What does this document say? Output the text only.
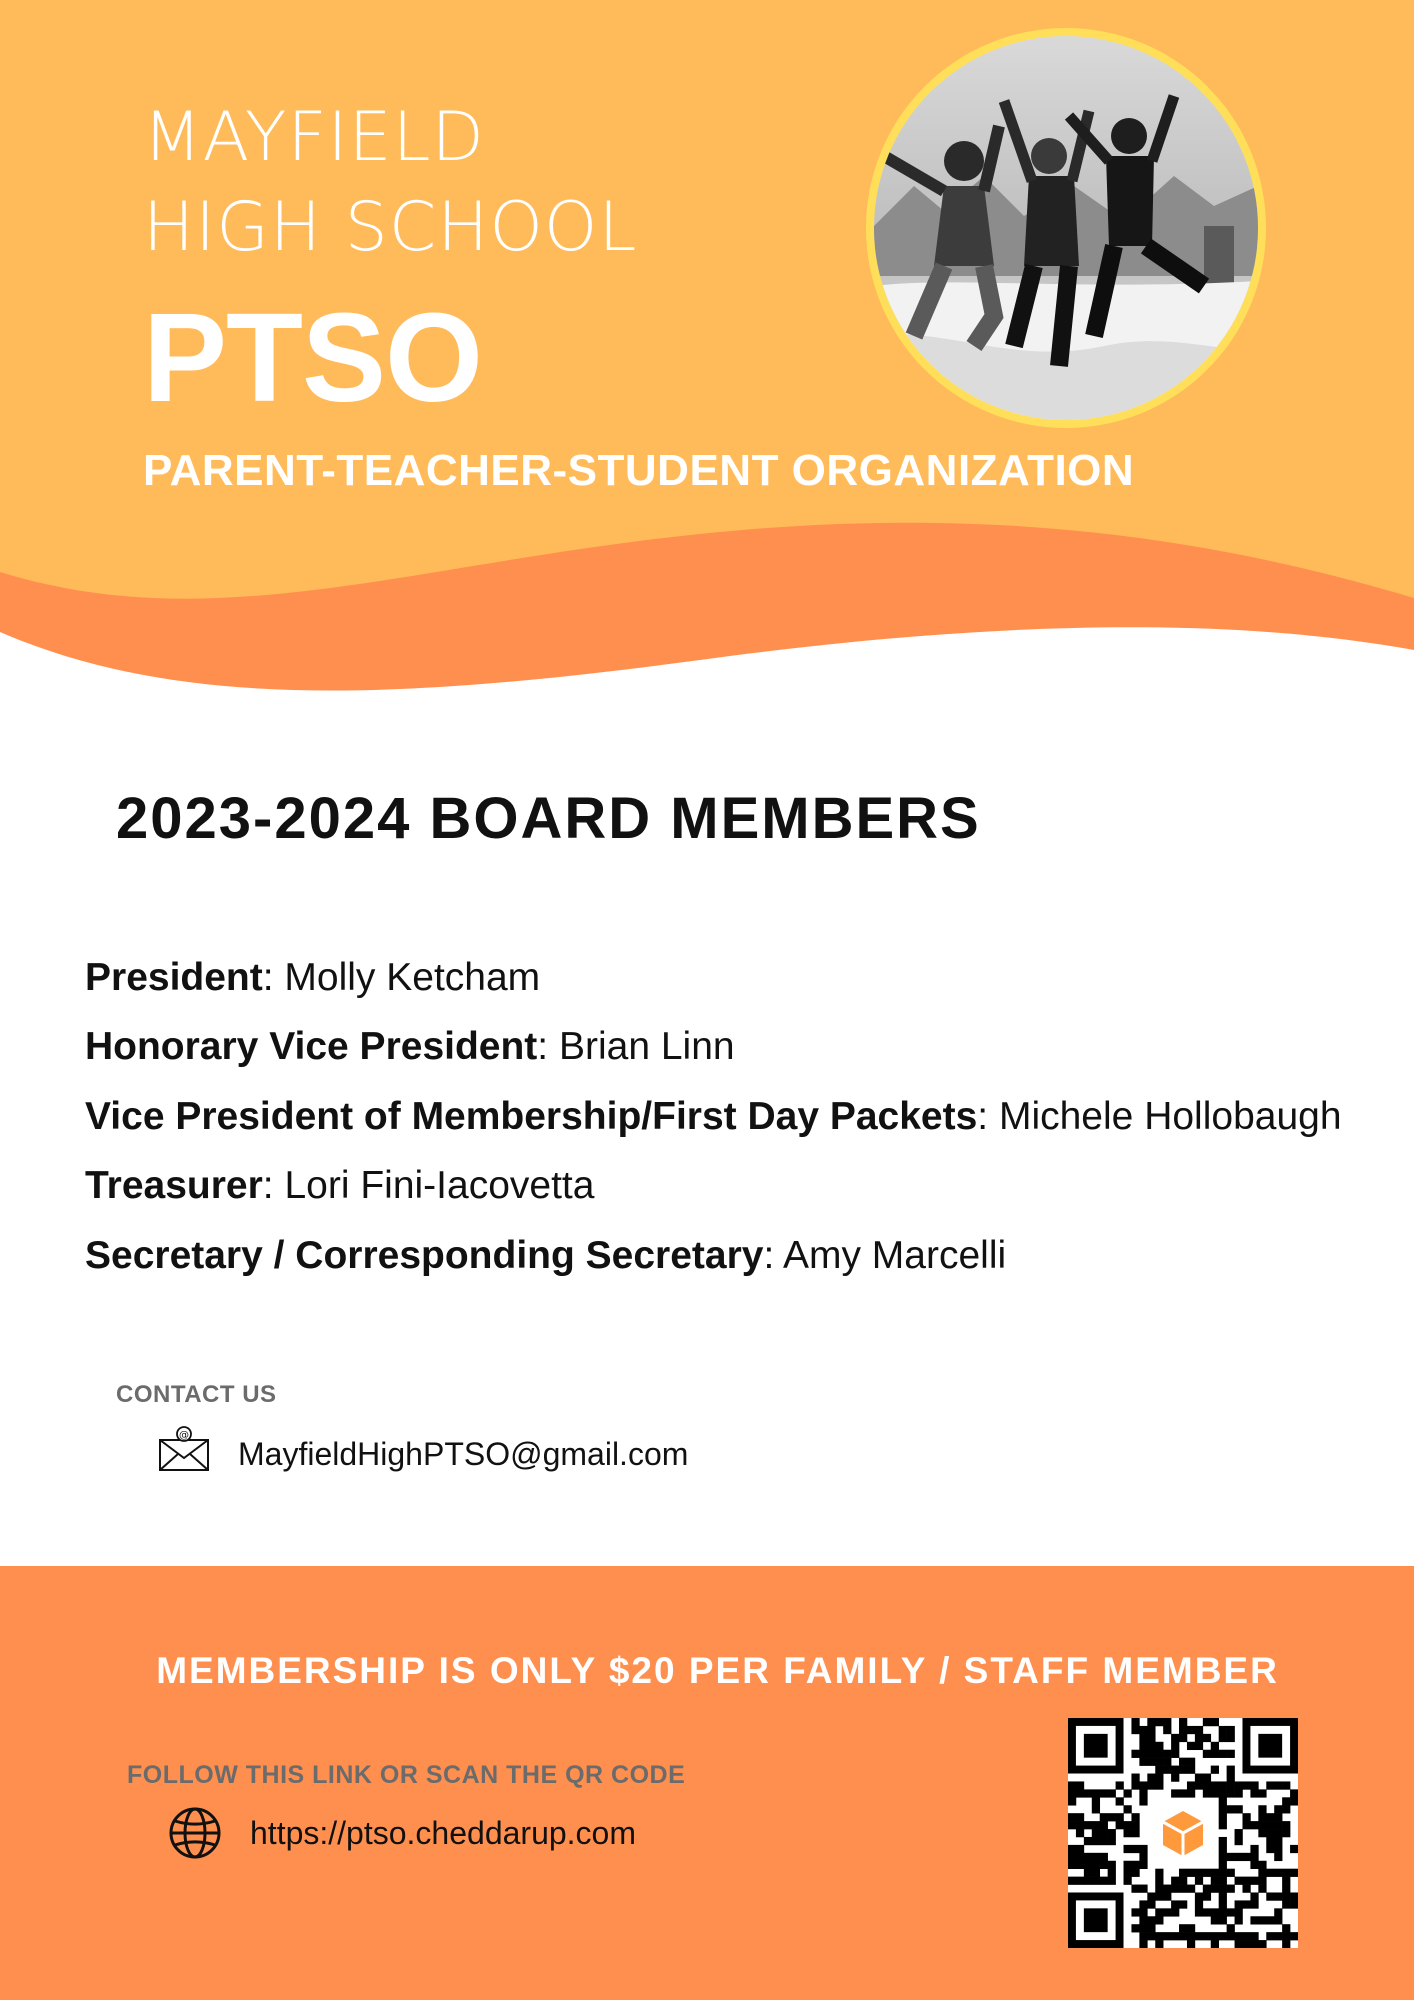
MAYFIELD
HIGH SCHOOL
PTSO
PARENT-TEACHER-STUDENT ORGANIZATION
2023-2024 BOARD MEMBERS
President: Molly Ketcham
Honorary Vice President: Brian Linn
Vice President of Membership/First Day Packets: Michele Hollobaugh
Treasurer: Lori Fini-Iacovetta
Secretary / Corresponding Secretary: Amy Marcelli
CONTACT US
@
MayfieldHighPTSO@gmail.com
MEMBERSHIP IS ONLY $20 PER FAMILY / STAFF MEMBER
FOLLOW THIS LINK OR SCAN THE QR CODE
https://ptso.cheddarup.com
